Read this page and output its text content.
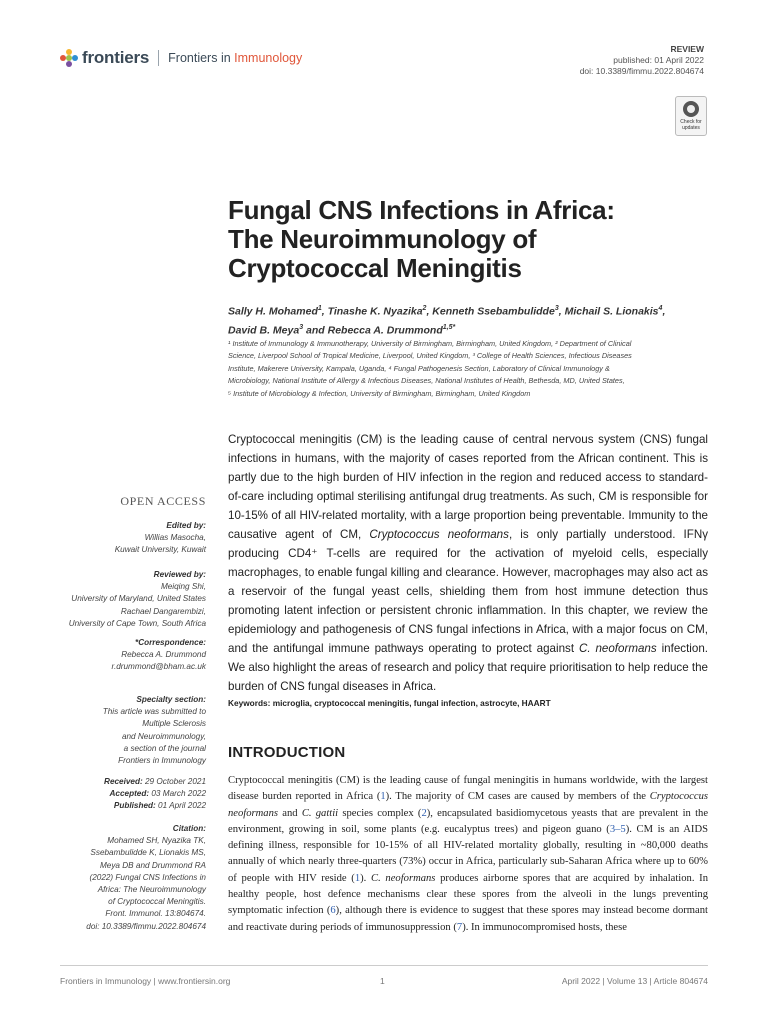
frontiers Frontiers in Immunology
REVIEW
published: 01 April 2022
doi: 10.3389/fimmu.2022.804674
Check for updates
Fungal CNS Infections in Africa:
The Neuroimmunology of
Cryptococcal Meningitis
Sally H. Mohamed$^1$, Tinashe K. Nyazika$^2$, Kenneth Ssebambulidde$^3$, Michail S. Lionakis$^4$,
David B. Meya$^3$ and Rebecca A. Drummond$^{1,5*}$
¹ Institute of Immunology & Immunotherapy, University of Birmingham, Birmingham, United Kingdom, ² Department of Clinical
Science, Liverpool School of Tropical Medicine, Liverpool, United Kingdom, ³ College of Health Sciences, Infectious Diseases
Institute, Makerere University, Kampala, Uganda, ⁴ Fungal Pathogenesis Section, Laboratory of Clinical Immunology &
Microbiology, National Institute of Allergy & Infectious Diseases, National Institutes of Health, Bethesda, MD, United States,
⁵ Institute of Microbiology & Infection, University of Birmingham, Birmingham, United Kingdom
Cryptococcal meningitis (CM) is the leading cause of central nervous system (CNS) fungal infections in humans, with the majority of cases reported from the African continent. This is partly due to the high burden of HIV infection in the region and reduced access to standard-of-care including optimal sterilising antifungal drug treatments. As such, CM is responsible for 10-15% of all HIV-related mortality, with a large proportion being preventable. Immunity to the causative agent of CM, Cryptococcus neoformans, is only partially understood. IFNγ producing CD4⁺ T-cells are required for the activation of myeloid cells, especially macrophages, to enable fungal killing and clearance. However, macrophages may also act as a reservoir of the fungal yeast cells, shielding them from host immune detection thus promoting latent infection or persistent chronic inflammation. In this chapter, we review the epidemiology and pathogenesis of CNS fungal infections in Africa, with a major focus on CM, and the antifungal immune pathways operating to protect against C. neoformans infection. We also highlight the areas of research and policy that require prioritisation to help reduce the burden of CNS fungal diseases in Africa.
Keywords: microglia, cryptococcal meningitis, fungal infection, astrocyte, HAART
INTRODUCTION
Cryptococcal meningitis (CM) is the leading cause of fungal meningitis in humans worldwide, with the largest disease burden reported in Africa (1). The majority of CM cases are caused by members of the Cryptococcus neoformans and C. gattii species complex (2), encapsulated basidiomycetous yeasts that are prevalent in the environment, growing in soil, some plants (e.g. eucalyptus trees) and pigeon guano (3–5). CM is an AIDS defining illness, responsible for 10-15% of all HIV-related mortality globally, resulting in ~80,000 deaths annually of which nearly three-quarters (73%) occur in Africa, particularly sub-Saharan Africa where up to 60% of people with HIV reside (1). C. neoformans produces airborne spores that are acquired by inhalation. In healthy people, host defence mechanisms clear these spores from the alveoli in the lungs preventing symptomatic infection (6), although there is evidence to suggest that these spores may instead become dormant and reactivate during periods of immunosuppression (7). In immunocompromised hosts, these
OPEN ACCESS
Edited by:
Willias Masocha,
Kuwait University, Kuwait
Reviewed by:
Meiqing Shi,
University of Maryland, United States
Rachael Dangarembizi,
University of Cape Town, South Africa
*Correspondence:
Rebecca A. Drummond
r.drummond@bham.ac.uk
Specialty section:
This article was submitted to
Multiple Sclerosis
and Neuroimmunology,
a section of the journal
Frontiers in Immunology
Received: 29 October 2021
Accepted: 03 March 2022
Published: 01 April 2022
Citation:
Mohamed SH, Nyazika TK,
Ssebambulidde K, Lionakis MS,
Meya DB and Drummond RA
(2022) Fungal CNS Infections in
Africa: The Neuroimmunology
of Cryptococcal Meningitis.
Front. Immunol. 13:804674.
doi: 10.3389/fimmu.2022.804674
Frontiers in Immunology | www.frontiersin.org	1	April 2022 | Volume 13 | Article 804674
